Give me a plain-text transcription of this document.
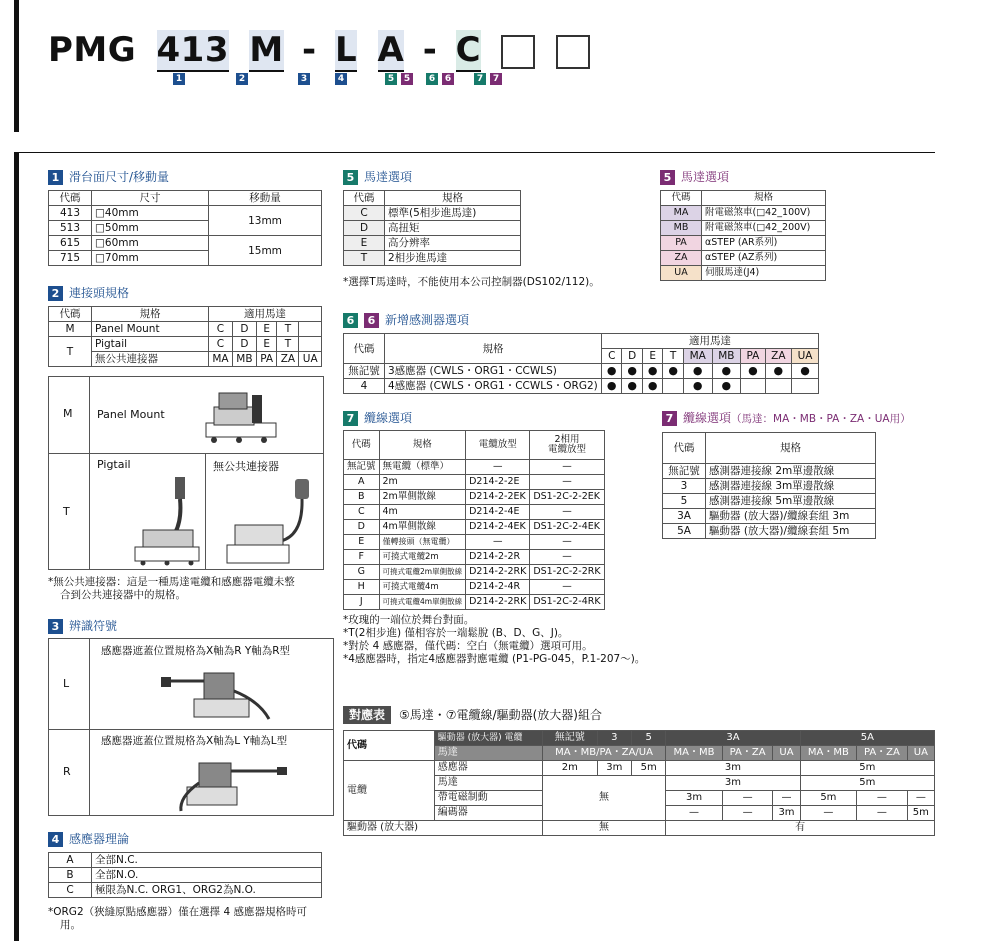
PMG 413 M - L A - C
1	2	3	4	5	5	6	6	7	7
1 滑台面尺寸/移動量
代碼	尺寸	移動量
413	□40mm	13mm
513	□50mm	
615	□60mm	15mm
715	□70mm	
2 連接頭規格
代碼	規格	適用馬達				
M	Panel Mount	C	D	E	T	
T	Pigtail	C	D	E	T	
	無公共連接器	MA	MB	PA	ZA	UA
M Panel Mount
T
Pigtail	無公共連接器
*無公共連接器：這是一種馬達電纜和感應器電纜未整
合到公共連接器中的規格。
3 辨識符號
L
感應器遮蓋位置規格為X軸為R Y軸為R型
R
感應器遮蓋位置規格為X軸為L Y軸為L型
4 感應器理論
A	全部N.C.
B	全部N.O.
C	極限為N.C. ORG1、ORG2為N.O.
*ORG2（狹縫原點感應器）僅在選擇 4 感應器規格時可
用。
5 馬達選項
代碼	規格
C	標準(5相步進馬達)
D	高扭矩
E	高分辨率
T	2相步進馬達
*選擇T馬達時，不能使用本公司控制器(DS102/112)。
5 馬達選項
代碼	規格
MA	附電磁煞車(□42_100V)
MB	附電磁煞車(□42_200V)
PA	αSTEP (AR系列)
ZA	αSTEP (AZ系列)
UA	伺服馬達(J4)
6 6 新增感測器選項
代碼	規格	適用馬達								
		C	D	E	T	MA	MB	PA	ZA	UA
無記號	3感應器 (CWLS・ORG1・CCWLS)	●	●	●	●	●	●	●	●	●
4	4感應器 (CWLS・ORG1・CCWLS・ORG2)	●	●	●		●	●			
7 纜線選項
代碼	規格	電纜放型	2相用
電纜放型

無記號	無電纜（標準）	—	—
A	2m	D214-2-2E	—
B	2m單側散線	D214-2-2EK	DS1-2C-2-2EK
C	4m	D214-2-4E	—
D	4m單側散線	D214-2-4EK	DS1-2C-2-4EK
E	僅轉接頭（無電纜）	—	—
F	可撓式電纜2m	D214-2-2R	—
G	可撓式電纜2m單側散線	D214-2-2RK	DS1-2C-2-2RK
H	可撓式電纜4m	D214-2-4R	—
J	可撓式電纜4m單側散線	D214-2-2RK	DS1-2C-2-4RK
*玫瑰的一端位於舞台對面。
*T(2相步進) 僅相容於一端鬆脫 (B、D、G、J)。
*對於 4 感應器，僅代碼：空白（無電纜）選項可用。
*4感應器時，指定4感應器對應電纜 (P1-PG-045，P.1-207〜)。
7 纜線選項（馬達：MA・MB・PA・ZA・UA用）
代碼	規格
無記號	感測器連接線 2m單邊散線
3	感測器連接線 3m單邊散線
5	感測器連接線 5m單邊散線
3A	驅動器 (放大器)/纜線套組 3m
5A	驅動器 (放大器)/纜線套組 5m
對應表 ⑤馬達・⑦電纜線/驅動器(放大器)組合
代碼	驅動器 (放大器) 電纜	無記號	3	5	3A			5A		
	馬達	MA・MB/PA・ZA/UA			MA・MB	PA・ZA	UA	MA・MB	PA・ZA	UA
電纜	感應器	2m	3m	5m	3m			5m		
	馬達	無			3m			5m		
	帶電磁制動				3m	—	—	5m	—	—
	編碼器				—	—	3m	—	—	5m
驅動器 (放大器)		無			有					
